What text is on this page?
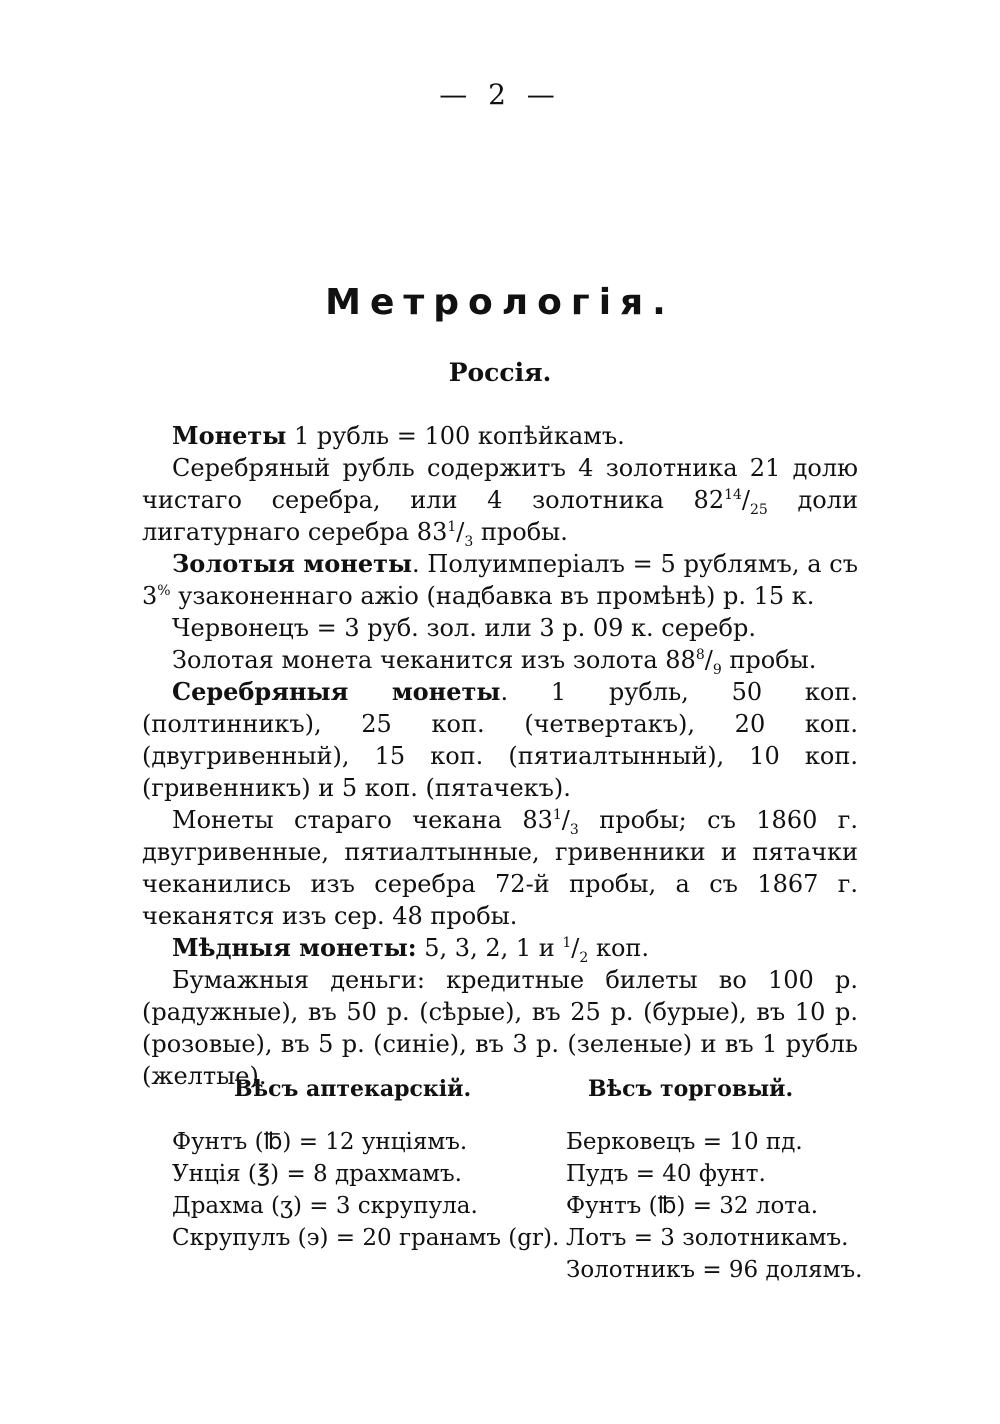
— 2 —
Метрологія.
Россія.

Монеты 1 рубль = 100 копѣйкамъ.

Серебряный рубль содержитъ 4 золотника 21 долю чистаго серебра, или 4 золотника $82^{14}/_{25}$ доли лигатурнаго серебра $83^1/_3$ пробы.

Золотыя монеты. Полуимперіалъ = 5 рублямъ, а съ 3% узаконеннаго ажіо (надбавка въ промѣнѣ) р. 15 к.

Червонецъ = 3 руб. зол. или 3 р. 09 к. серебр.

Золотая монета чеканится изъ золота $88^8/_9$ пробы.

Серебряныя монеты. 1 рубль, 50 коп. (полтинникъ), 25 коп. (четвертакъ), 20 коп. (двугривенный), 15 коп. (пятиалтынный), 10 коп. (гривенникъ) и 5 коп. (пятачекъ).

Монеты стараго чекана $83^1/_3$ пробы; съ 1860 г. двугривенные, пятиалтынные, гривенники и пятачки чеканились изъ серебра 72-й пробы, а съ 1867 г. чеканятся изъ сер. 48 пробы.

Мѣдныя монеты: 5, 3, 2, 1 и $^1/_2$ коп.

Бумажныя деньги: кредитные билеты во 100 р. (радужные), въ 50 р. (сѣрые), въ 25 р. (бурые), въ 10 р. (розовые), въ 5 р. (синіе), въ 3 р. (зеленые) и въ 1 рубль (желтые).

Вѣсъ аптекарскій.	Вѣсъ торговый.
Фунтъ (℔) = 12 унціямъ.
Унція (℥) = 8 драхмамъ.
Драхма (ʒ) = 3 скрупула.
Скрупулъ (э) = 20 гранамъ (gr).
Берковецъ = 10 пд.
Пудъ = 40 фунт.
Фунтъ (℔) = 32 лота.
Лотъ = 3 золотникамъ.
Золотникъ = 96 долямъ.
